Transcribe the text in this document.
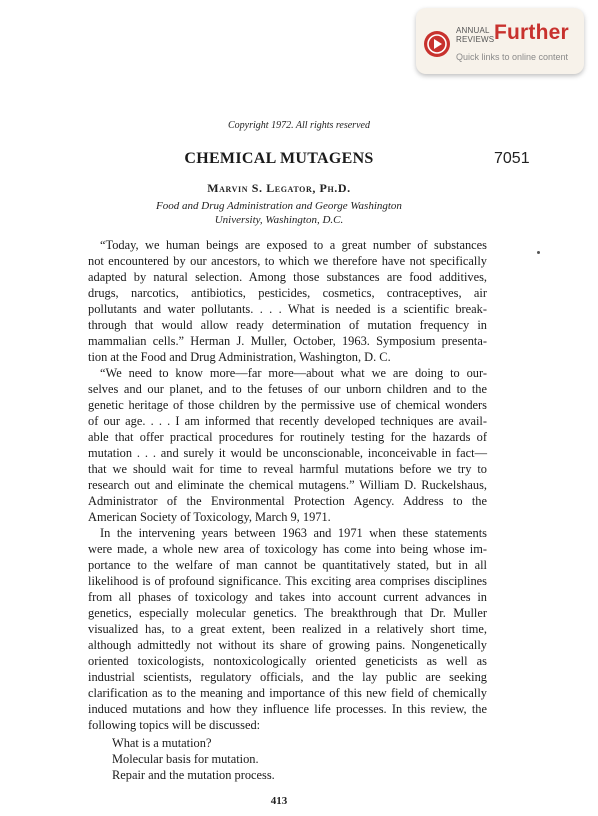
ANNUAL
REVIEWS Further
Quick links to online content
Copyright 1972. All rights reserved
CHEMICAL MUTAGENS	7051
Marvin S. Legator, Ph.D.
Food and Drug Administration and George Washington
University, Washington, D.C.
“Today, we human beings are exposed to a great number of substances
not encountered by our ancestors, to which we therefore have not specifically
adapted by natural selection. Among those substances are food additives,
drugs, narcotics, antibiotics, pesticides, cosmetics, contraceptives, air
pollutants and water pollutants. . . . What is needed is a scientific break-
through that would allow ready determination of mutation frequency in
mammalian cells.” Herman J. Muller, October, 1963. Symposium presenta-
tion at the Food and Drug Administration, Washington, D. C.
“We need to know more—far more—about what we are doing to our-
selves and our planet, and to the fetuses of our unborn children and to the
genetic heritage of those children by the permissive use of chemical wonders
of our age. . . . I am informed that recently developed techniques are avail-
able that offer practical procedures for routinely testing for the hazards of
mutation . . . and surely it would be unconscionable, inconceivable in fact—
that we should wait for time to reveal harmful mutations before we try to
research out and eliminate the chemical mutagens.” William D. Ruckelshaus,
Administrator of the Environmental Protection Agency. Address to the
American Society of Toxicology, March 9, 1971.
In the intervening years between 1963 and 1971 when these statements
were made, a whole new area of toxicology has come into being whose im-
portance to the welfare of man cannot be quantitatively stated, but in all
likelihood is of profound significance. This exciting area comprises disciplines
from all phases of toxicology and takes into account current advances in
genetics, especially molecular genetics. The breakthrough that Dr. Muller
visualized has, to a great extent, been realized in a relatively short time,
although admittedly not without its share of growing pains. Nongenetically
oriented toxicologists, nontoxicologically oriented geneticists as well as
industrial scientists, regulatory officials, and the lay public are seeking
clarification as to the meaning and importance of this new field of chemically
induced mutations and how they influence life processes. In this review, the
following topics will be discussed:
What is a mutation?
Molecular basis for mutation.
Repair and the mutation process.
413
